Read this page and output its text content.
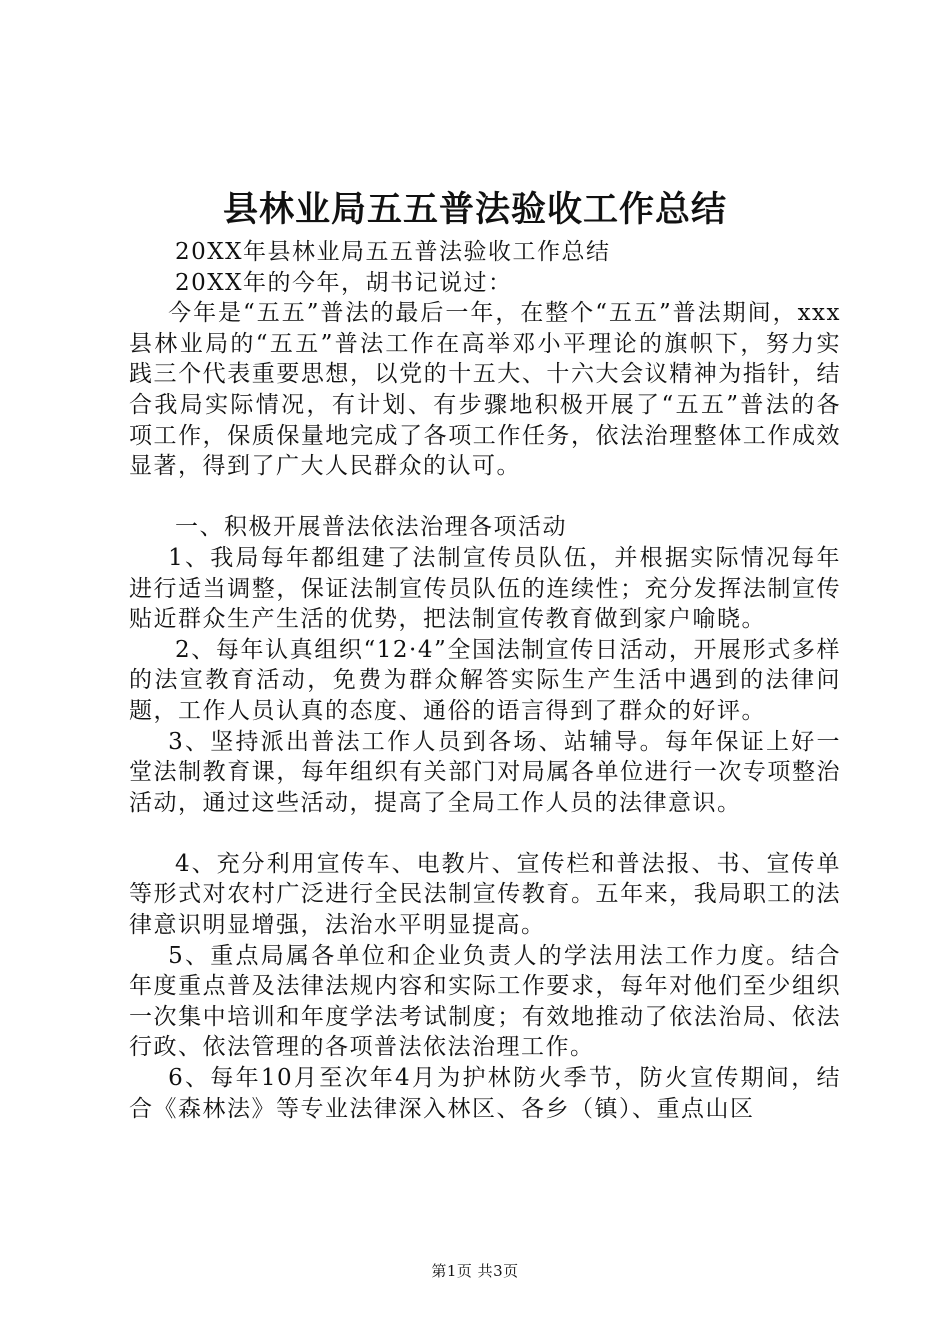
县林业局五五普法验收工作总结

20XX年县林业局五五普法验收工作总结

20XX年的今年，胡书记说过：

今年是“五五”普法的最后一年，在整个“五五”普法期间，xxx县林业局的“五五”普法工作在高举邓小平理论的旗帜下，努力实践三个代表重要思想，以党的十五大、十六大会议精神为指针，结合我局实际情况，有计划、有步骤地积极开展了“五五”普法的各项工作，保质保量地完成了各项工作任务，依法治理整体工作成效显著，得到了广大人民群众的认可。

一、积极开展普法依法治理各项活动

1、我局每年都组建了法制宣传员队伍，并根据实际情况每年进行适当调整，保证法制宣传员队伍的连续性；充分发挥法制宣传贴近群众生产生活的优势，把法制宣传教育做到家户喻晓。

2、每年认真组织“12·4”全国法制宣传日活动，开展形式多样的法宣教育活动，免费为群众解答实际生产生活中遇到的法律问题，工作人员认真的态度、通俗的语言得到了群众的好评。

3、坚持派出普法工作人员到各场、站辅导。每年保证上好一堂法制教育课，每年组织有关部门对局属各单位进行一次专项整治活动，通过这些活动，提高了全局工作人员的法律意识。

4、充分利用宣传车、电教片、宣传栏和普法报、书、宣传单等形式对农村广泛进行全民法制宣传教育。五年来，我局职工的法律意识明显增强，法治水平明显提高。

5、重点局属各单位和企业负责人的学法用法工作力度。结合年度重点普及法律法规内容和实际工作要求，每年对他们至少组织一次集中培训和年度学法考试制度；有效地推动了依法治局、依法行政、依法管理的各项普法依法治理工作。

6、每年10月至次年4月为护林防火季节，防火宣传期间，结合《森林法》等专业法律深入林区、各乡（镇）、重点山区

第1页 共3页
